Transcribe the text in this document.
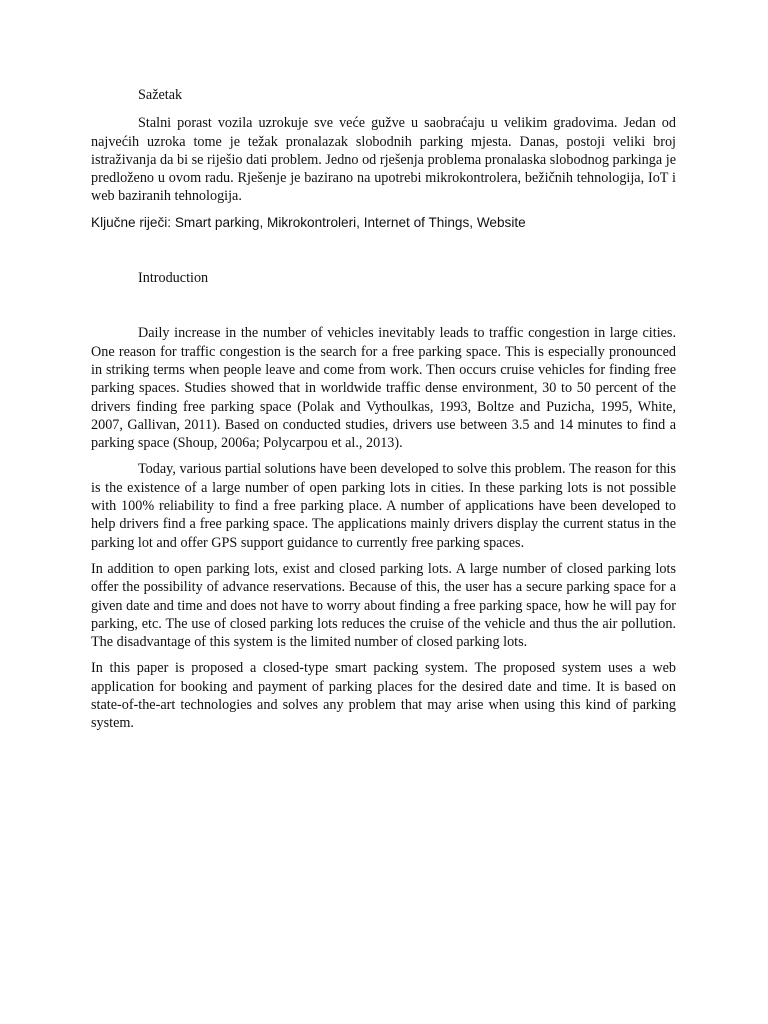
Sažetak

Stalni porast vozila uzrokuje sve veće gužve u saobraćaju u velikim gradovima. Jedan od najvećih uzroka tome je težak pronalazak slobodnih parking mjesta. Danas, postoji veliki broj istraživanja da bi se riješio dati problem. Jedno od rješenja problema pronalaska slobodnog parkinga je predloženo u ovom radu. Rješenje je bazirano na upotrebi mikrokontrolera, bežičnih tehnologija, IoT i web baziranih tehnologija.

Ključne riječi: Smart parking, Mikrokontroleri, Internet of Things, Website

Introduction

Daily increase in the number of vehicles inevitably leads to traffic congestion in large cities. One reason for traffic congestion is the search for a free parking space. This is especially pronounced in striking terms when people leave and come from work. Then occurs cruise vehicles for finding free parking spaces. Studies showed that in worldwide traffic dense environment, 30 to 50 percent of the drivers finding free parking space (Polak and Vythoulkas, 1993, Boltze and Puzicha, 1995, White, 2007, Gallivan, 2011). Based on conducted studies, drivers use between 3.5 and 14 minutes to find a parking space (Shoup, 2006a; Polycarpou et al., 2013).

Today, various partial solutions have been developed to solve this problem. The reason for this is the existence of a large number of open parking lots in cities. In these parking lots is not possible with 100% reliability to find a free parking place. A number of applications have been developed to help drivers find a free parking space. The applications mainly drivers display the current status in the parking lot and offer GPS support guidance to currently free parking spaces.

In addition to open parking lots, exist and closed parking lots. A large number of closed parking lots offer the possibility of advance reservations. Because of this, the user has a secure parking space for a given date and time and does not have to worry about finding a free parking space, how he will pay for parking, etc. The use of closed parking lots reduces the cruise of the vehicle and thus the air pollution. The disadvantage of this system is the limited number of closed parking lots.

In this paper is proposed a closed-type smart packing system. The proposed system uses a web application for booking and payment of parking places for the desired date and time. It is based on state-of-the-art technologies and solves any problem that may arise when using this kind of parking system.
